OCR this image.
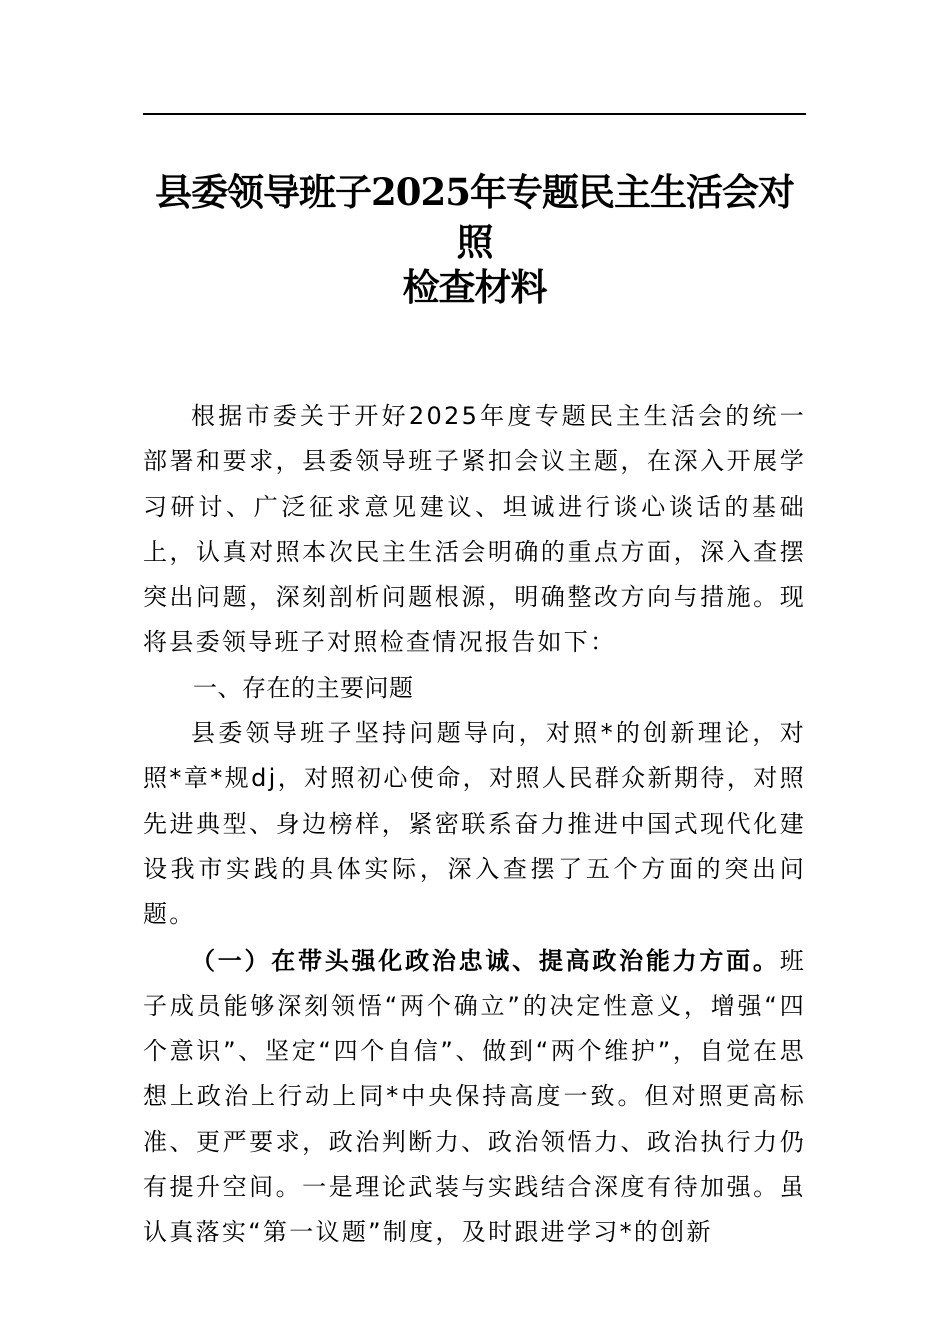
县委领导班子2025年专题民主生活会对照
检查材料

根据市委关于开好2025年度专题民主生活会的统一部署和要求，县委领导班子紧扣会议主题，在深入开展学习研讨、广泛征求意见建议、坦诚进行谈心谈话的基础上，认真对照本次民主生活会明确的重点方面，深入查摆突出问题，深刻剖析问题根源，明确整改方向与措施。现将县委领导班子对照检查情况报告如下：

一、存在的主要问题

县委领导班子坚持问题导向，对照*的创新理论，对照*章*规dj，对照初心使命，对照人民群众新期待，对照先进典型、身边榜样，紧密联系奋力推进中国式现代化建设我市实践的具体实际，深入查摆了五个方面的突出问题。

（一）在带头强化政治忠诚、提高政治能力方面。班子成员能够深刻领悟“两个确立”的决定性意义，增强“四个意识”、坚定“四个自信”、做到“两个维护”，自觉在思想上政治上行动上同*中央保持高度一致。但对照更高标准、更严要求，政治判断力、政治领悟力、政治执行力仍有提升空间。一是理论武装与实践结合深度有待加强。虽认真落实“第一议题”制度，及时跟进学习*的创新
